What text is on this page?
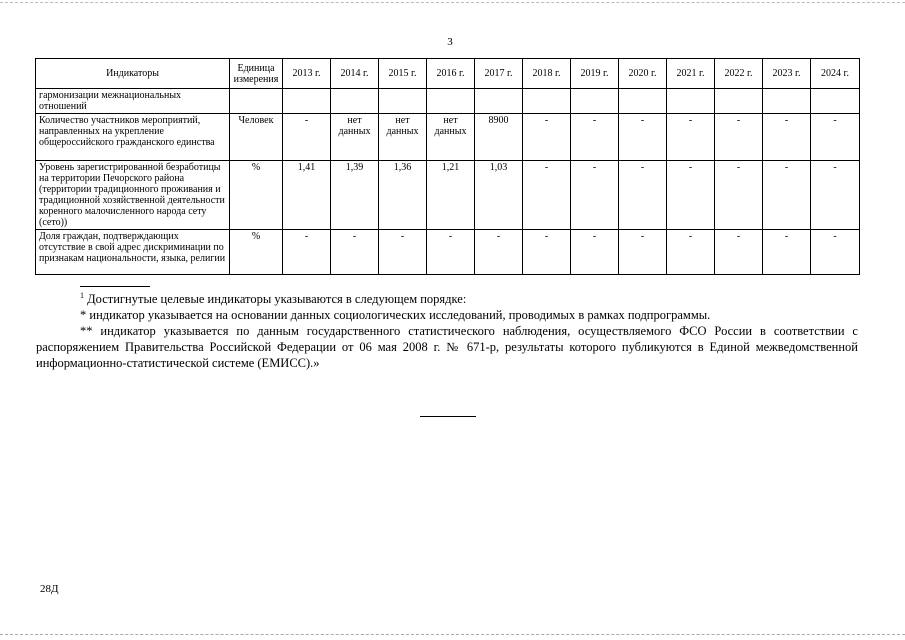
3
Индикаторы	Единица измерения	2013 г.	2014 г.	2015 г.	2016 г.	2017 г.	2018 г.	2019 г.	2020 г.	2021 г.	2022 г.	2023 г.	2024 г.
гармонизации межнациональных отношений													
Количество участников мероприятий, направленных на укрепление общероссийского гражданского единства	Человек	-	нет данных	нет данных	нет данных	8900	-	-	-	-	-	-	-
Уровень зарегистрированной безработицы на территории Печорского района (территории традиционного проживания и традиционной хозяйственной деятельности коренного малочисленного народа сету (сето))	%	1,41	1,39	1,36	1,21	1,03	-	-	-	-	-	-	-
Доля граждан, подтверждающих отсутствие в свой адрес дискриминации по признакам национальности, языка, религии	%	-	-	-	-	-	-	-	-	-	-	-	-

$^1$ Достигнутые целевые индикаторы указываются в следующем порядке:

* индикатор указывается на основании данных социологических исследований, проводимых в рамках подпрограммы.

** индикатор указывается по данным государственного статистического наблюдения, осуществляемого ФСО России в соответствии с распоряжением Правительства Российской Федерации от 06 мая 2008 г. № 671-р, результаты которого публикуются в Единой межведомственной информационно-статистической системе (ЕМИСС).»

28Д
